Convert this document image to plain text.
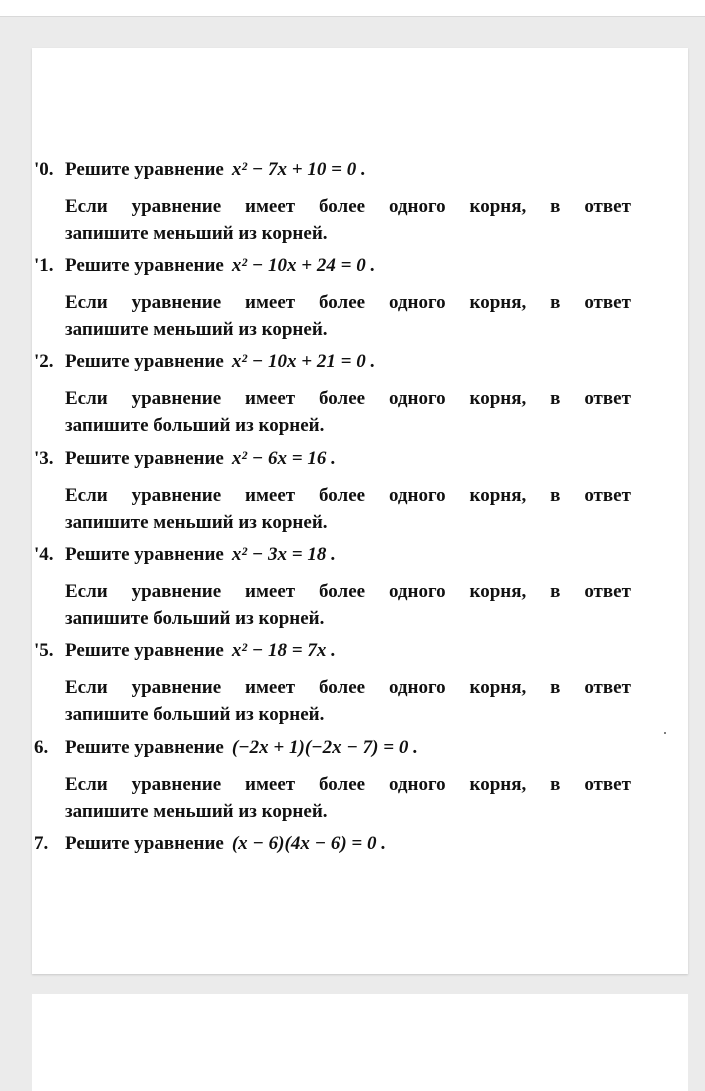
'0. Решите уравнение x² − 7x + 10 = 0 .
Если уравнение имеет более одного корня, в ответ
запишите меньший из корней.
'1. Решите уравнение x² − 10x + 24 = 0 .
Если уравнение имеет более одного корня, в ответ
запишите меньший из корней.
'2. Решите уравнение x² − 10x + 21 = 0 .
Если уравнение имеет более одного корня, в ответ
запишите больший из корней.
'3. Решите уравнение x² − 6x = 16 .
Если уравнение имеет более одного корня, в ответ
запишите меньший из корней.
'4. Решите уравнение x² − 3x = 18 .
Если уравнение имеет более одного корня, в ответ
запишите больший из корней.
'5. Решите уравнение x² − 18 = 7x .
Если уравнение имеет более одного корня, в ответ
запишите больший из корней.
6. Решите уравнение (−2x + 1)(−2x − 7) = 0 .
Если уравнение имеет более одного корня, в ответ
запишите меньший из корней.
7. Решите уравнение (x − 6)(4x − 6) = 0 .
